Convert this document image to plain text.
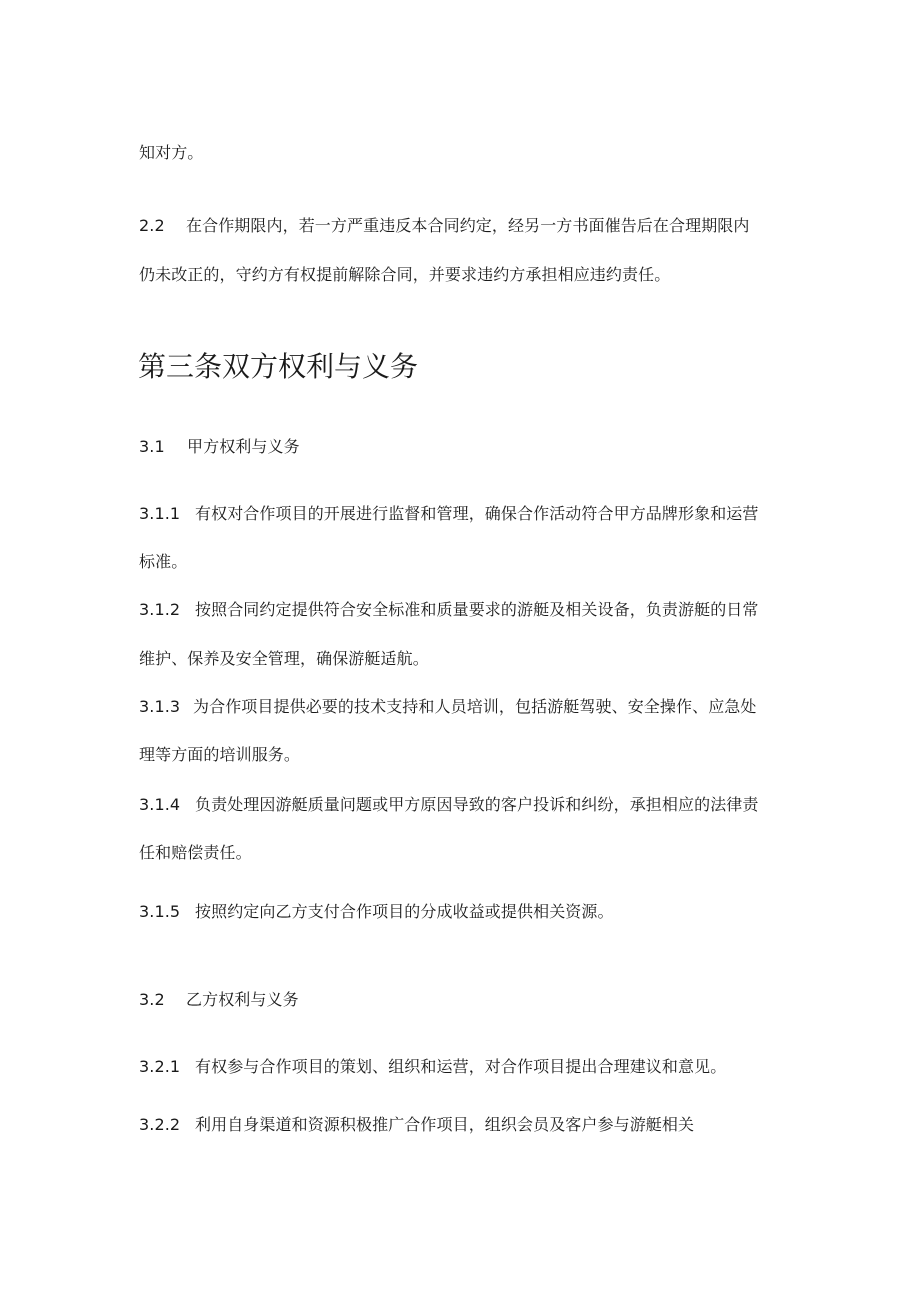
知对方。
2.2 在合作期限内，若一方严重违反本合同约定，经另一方书面催告后在合理期限内
仍未改正的，守约方有权提前解除合同，并要求违约方承担相应违约责任。
第三条双方权利与义务
3.1 甲方权利与义务
3.1.1 有权对合作项目的开展进行监督和管理，确保合作活动符合甲方品牌形象和运营
标准。
3.1.2 按照合同约定提供符合安全标准和质量要求的游艇及相关设备，负责游艇的日常
维护、保养及安全管理，确保游艇适航。
3.1.3 为合作项目提供必要的技术支持和人员培训，包括游艇驾驶、安全操作、应急处
理等方面的培训服务。
3.1.4 负责处理因游艇质量问题或甲方原因导致的客户投诉和纠纷，承担相应的法律责
任和赔偿责任。
3.1.5 按照约定向乙方支付合作项目的分成收益或提供相关资源。
3.2 乙方权利与义务
3.2.1 有权参与合作项目的策划、组织和运营，对合作项目提出合理建议和意见。
3.2.2 利用自身渠道和资源积极推广合作项目，组织会员及客户参与游艇相关
